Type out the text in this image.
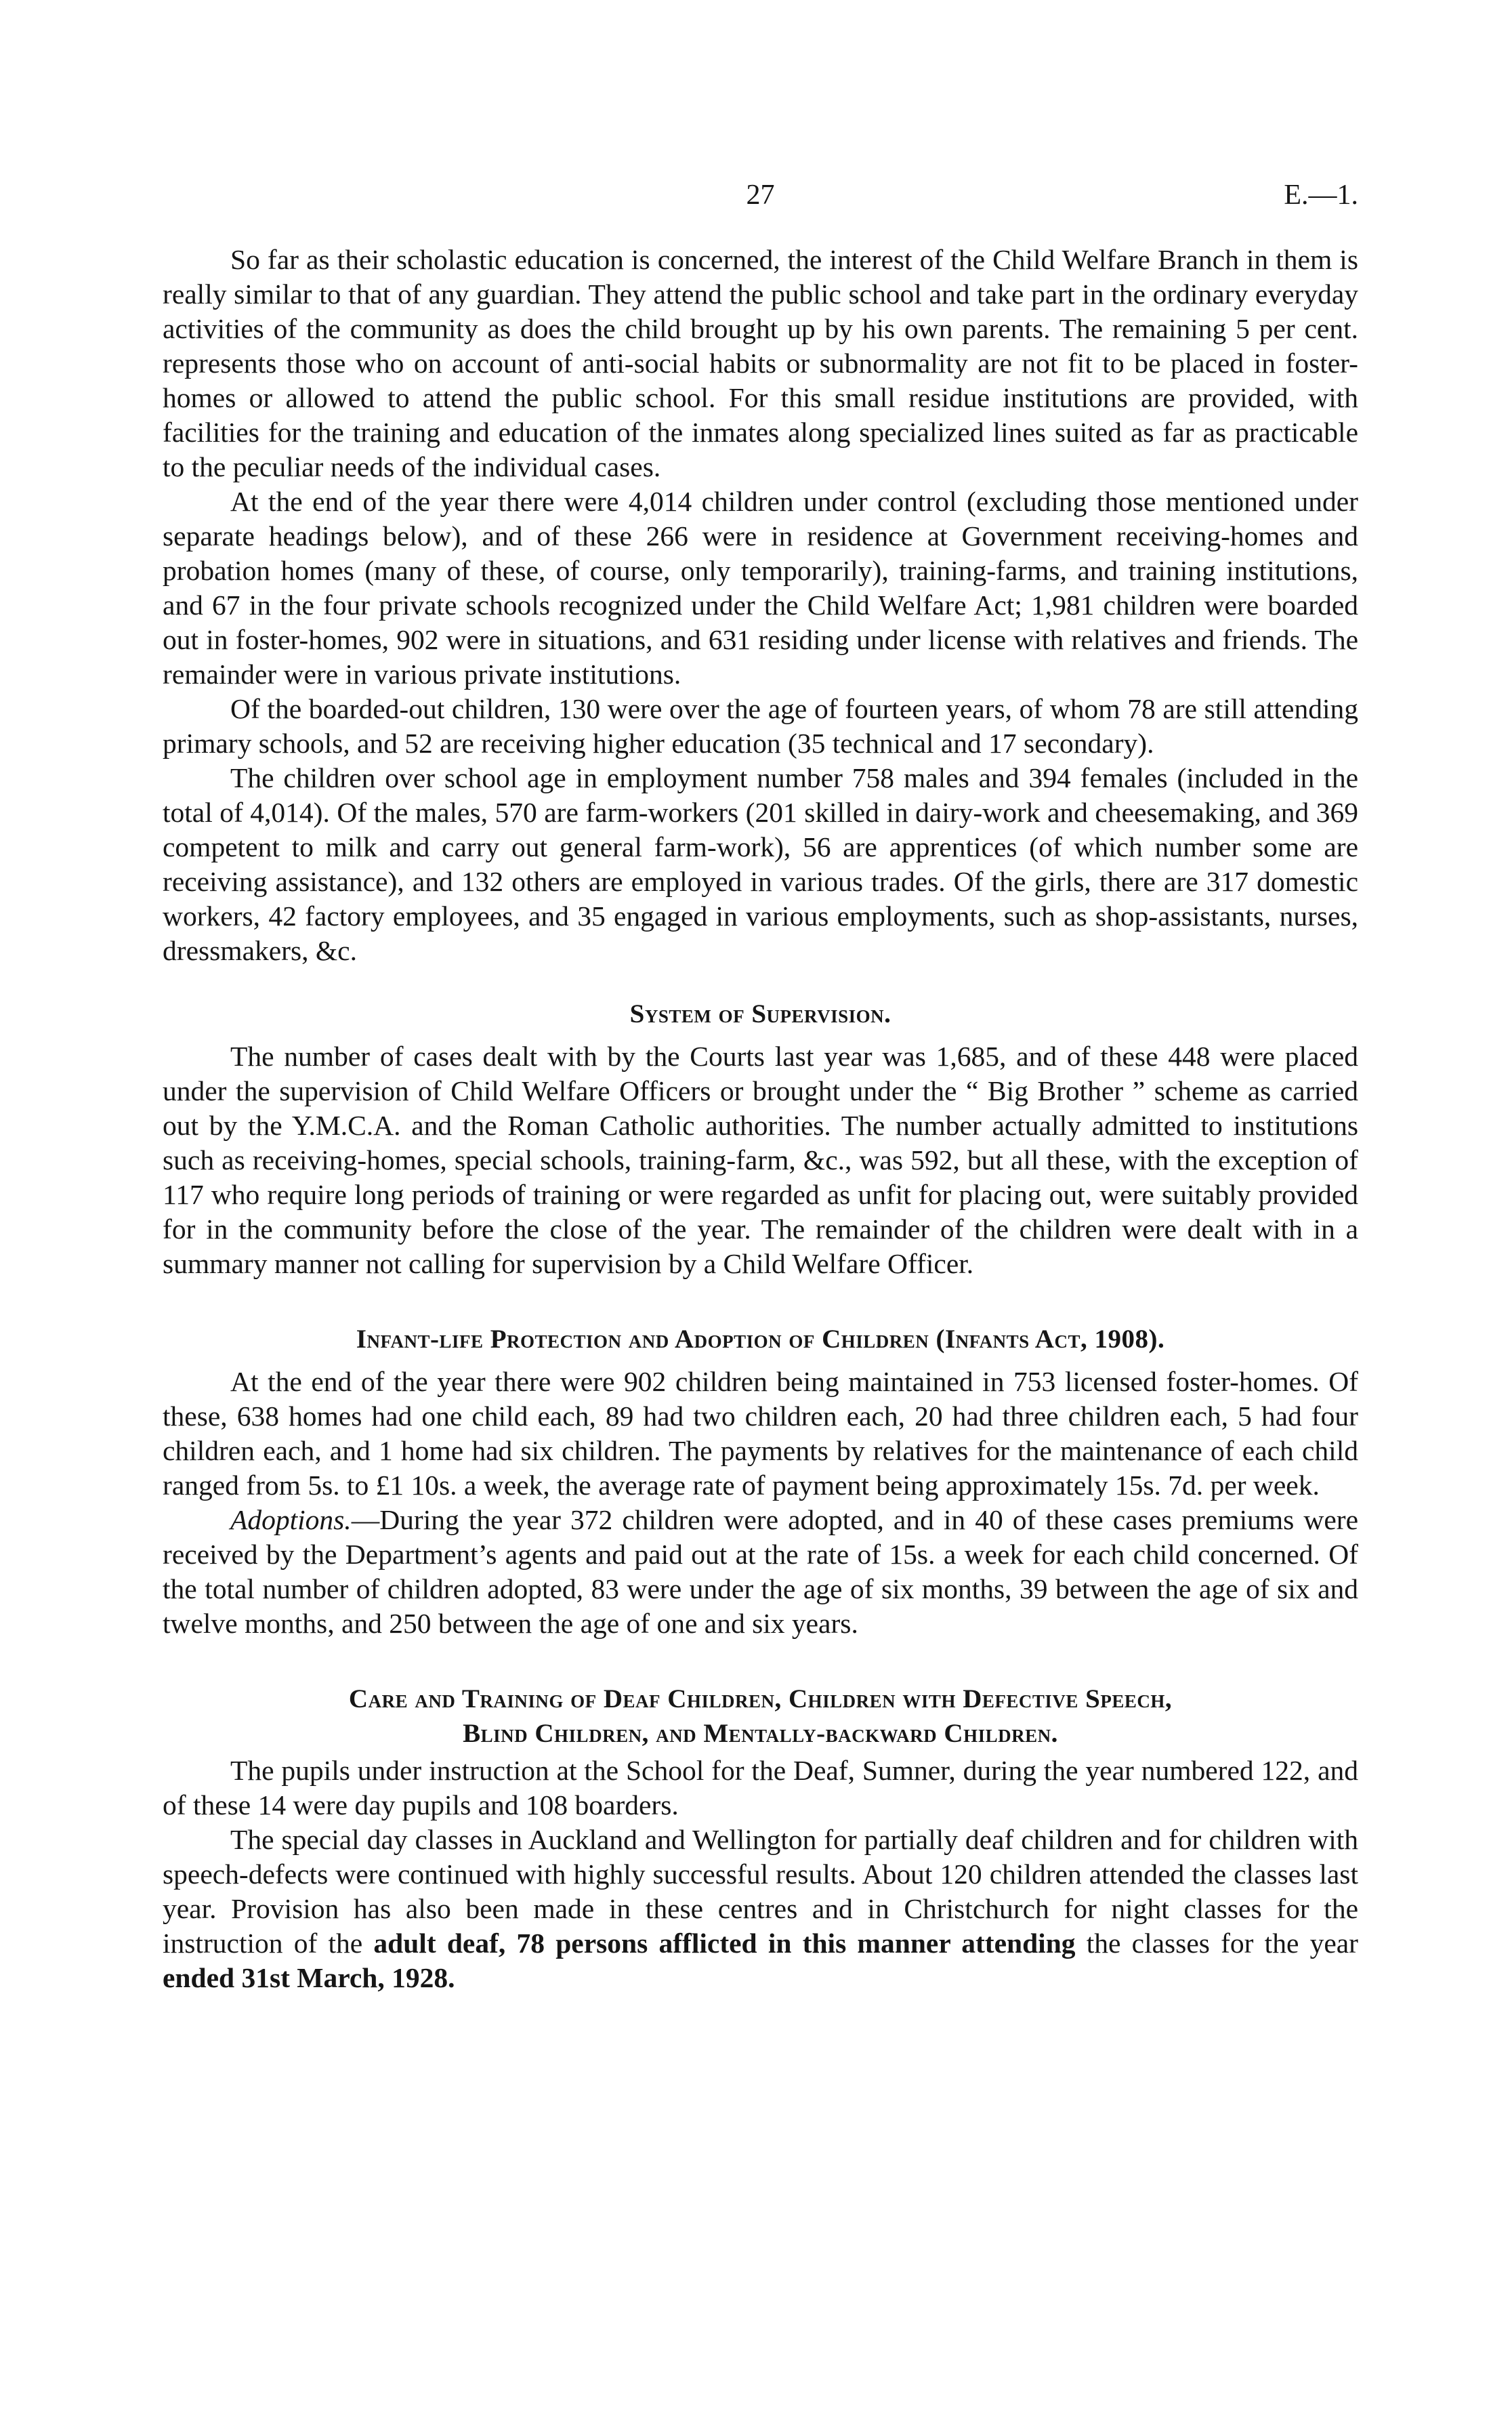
27	E.—1.

So far as their scholastic education is concerned, the interest of the Child Welfare Branch in them is really similar to that of any guardian. They attend the public school and take part in the ordinary everyday activities of the community as does the child brought up by his own parents. The remaining 5 per cent. represents those who on account of anti-social habits or subnormality are not fit to be placed in foster-homes or allowed to attend the public school. For this small residue institutions are provided, with facilities for the training and education of the inmates along specialized lines suited as far as practicable to the peculiar needs of the individual cases.

At the end of the year there were 4,014 children under control (excluding those mentioned under separate headings below), and of these 266 were in residence at Government receiving-homes and probation homes (many of these, of course, only temporarily), training-farms, and training institutions, and 67 in the four private schools recognized under the Child Welfare Act; 1,981 children were boarded out in foster-homes, 902 were in situations, and 631 residing under license with relatives and friends. The remainder were in various private institutions.

Of the boarded-out children, 130 were over the age of fourteen years, of whom 78 are still attending primary schools, and 52 are receiving higher education (35 technical and 17 secondary).

The children over school age in employment number 758 males and 394 females (included in the total of 4,014). Of the males, 570 are farm-workers (201 skilled in dairy-work and cheesemaking, and 369 competent to milk and carry out general farm-work), 56 are apprentices (of which number some are receiving assistance), and 132 others are employed in various trades. Of the girls, there are 317 domestic workers, 42 factory employees, and 35 engaged in various employments, such as shop-assistants, nurses, dressmakers, &c.

System of Supervision.

The number of cases dealt with by the Courts last year was 1,685, and of these 448 were placed under the supervision of Child Welfare Officers or brought under the “ Big Brother ” scheme as carried out by the Y.M.C.A. and the Roman Catholic authorities. The number actually admitted to institutions such as receiving-homes, special schools, training-farm, &c., was 592, but all these, with the exception of 117 who require long periods of training or were regarded as unfit for placing out, were suitably provided for in the community before the close of the year. The remainder of the children were dealt with in a summary manner not calling for supervision by a Child Welfare Officer.

Infant-life Protection and Adoption of Children (Infants Act, 1908).

At the end of the year there were 902 children being maintained in 753 licensed foster-homes. Of these, 638 homes had one child each, 89 had two children each, 20 had three children each, 5 had four children each, and 1 home had six children. The payments by relatives for the maintenance of each child ranged from 5s. to £1 10s. a week, the average rate of payment being approximately 15s. 7d. per week.

Adoptions.—During the year 372 children were adopted, and in 40 of these cases premiums were received by the Department’s agents and paid out at the rate of 15s. a week for each child concerned. Of the total number of children adopted, 83 were under the age of six months, 39 between the age of six and twelve months, and 250 between the age of one and six years.

Care and Training of Deaf Children, Children with Defective Speech,
Blind Children, and Mentally-backward Children.

The pupils under instruction at the School for the Deaf, Sumner, during the year numbered 122, and of these 14 were day pupils and 108 boarders.

The special day classes in Auckland and Wellington for partially deaf children and for children with speech-defects were continued with highly successful results. About 120 children attended the classes last year. Provision has also been made in these centres and in Christchurch for night classes for the instruction of the adult deaf, 78 persons afflicted in this manner attending the classes for the year ended 31st March, 1928.
